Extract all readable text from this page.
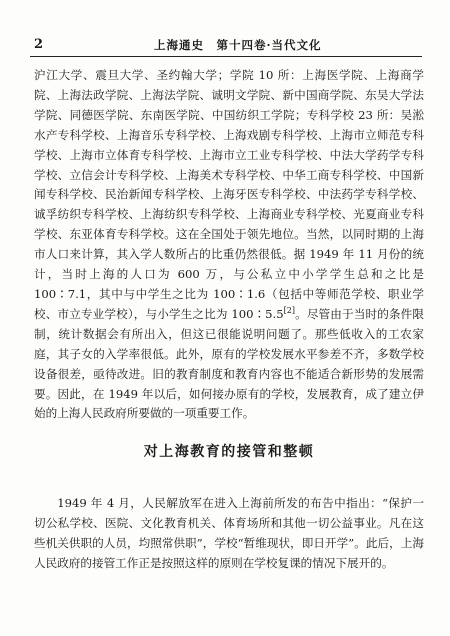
2	上海通史　第十四卷·当代文化

沪江大学、震旦大学、圣约翰大学；学院 10 所：上海医学院、上海商学院、上海法政学院、上海法学院、诚明文学院、新中国商学院、东吴大学法学院、同德医学院、东南医学院、中国纺织工学院；专科学校 23 所：吴淞水产专科学校、上海音乐专科学校、上海戏剧专科学校、上海市立师范专科学校、上海市立体育专科学校、上海市立工业专科学校、中法大学药学专科学校、立信会计专科学校、上海美术专科学校、中华工商专科学校、中国新闻专科学校、民治新闻专科学校、上海牙医专科学校、中法药学专科学校、诚孚纺织专科学校、上海纺织专科学校、上海商业专科学校、光夏商业专科学校、东亚体育专科学校。这在全国处于领先地位。当然，以同时期的上海市人口来计算，其入学人数所占的比重仍然很低。据 1949 年 11 月份的统计，当时上海的人口为 600 万，与公私立中小学学生总和之比是 100∶7.1，其中与中学生之比为 100∶1.6（包括中等师范学校、职业学校、市立专业学校），与小学生之比为 100∶5.5[2]。尽管由于当时的条件限制，统计数据会有所出入，但这已很能说明问题了。那些低收入的工农家庭，其子女的入学率很低。此外，原有的学校发展水平参差不齐，多数学校设备很差，亟待改进。旧的教育制度和教育内容也不能适合新形势的发展需要。因此，在 1949 年以后，如何接办原有的学校，发展教育，成了建立伊始的上海人民政府所要做的一项重要工作。

对上海教育的接管和整顿

1949 年 4 月，人民解放军在进入上海前所发的布告中指出：“保护一切公私学校、医院、文化教育机关、体育场所和其他一切公益事业。凡在这些机关供职的人员，均照常供职”，学校“暂维现状，即日开学”。此后，上海人民政府的接管工作正是按照这样的原则在学校复课的情况下展开的。
